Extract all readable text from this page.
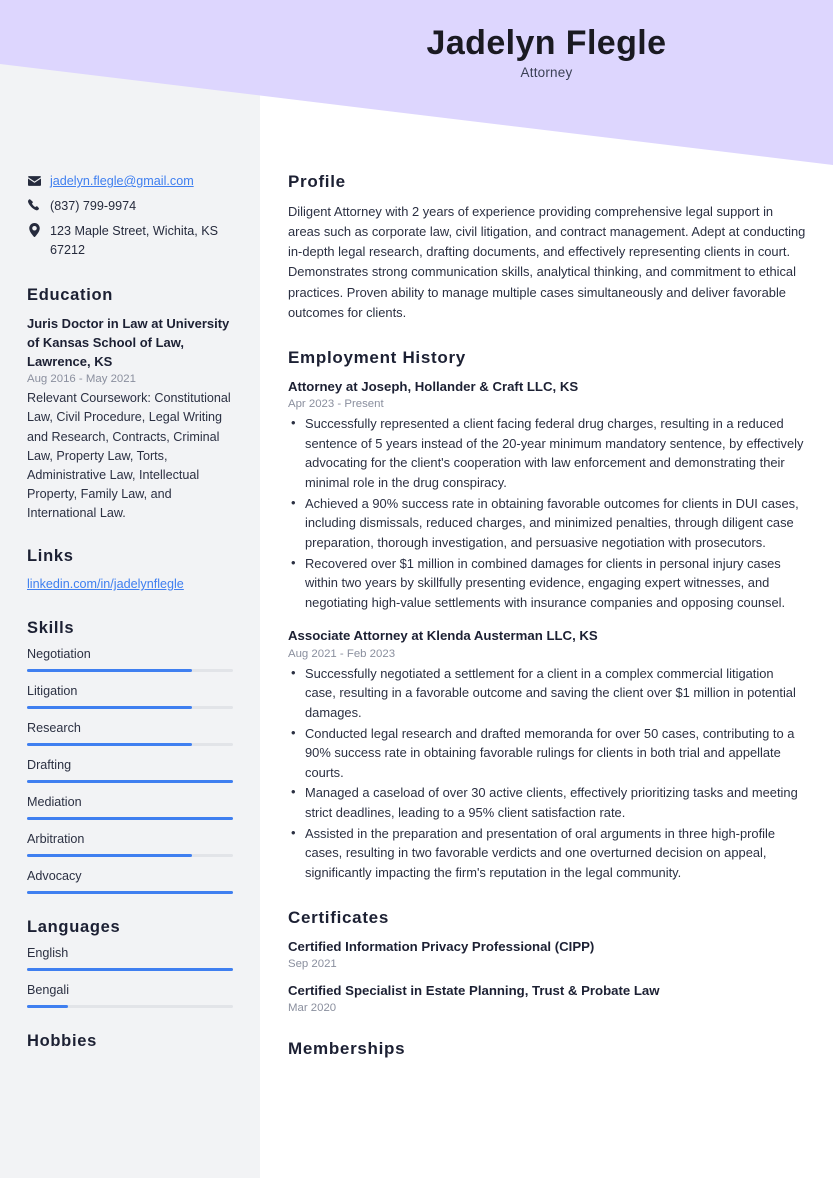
Jadelyn Flegle
Attorney
jadelyn.flegle@gmail.com
(837) 799-9974
123 Maple Street, Wichita, KS 67212
Education
Juris Doctor in Law at University of Kansas School of Law, Lawrence, KS
Aug 2016 - May 2021
Relevant Coursework: Constitutional Law, Civil Procedure, Legal Writing and Research, Contracts, Criminal Law, Property Law, Torts, Administrative Law, Intellectual Property, Family Law, and International Law.
Links
linkedin.com/in/jadelynflegle
Skills
Negotiation
Litigation
Research
Drafting
Mediation
Arbitration
Advocacy
Languages
English
Bengali
Hobbies
Profile
Diligent Attorney with 2 years of experience providing comprehensive legal support in areas such as corporate law, civil litigation, and contract management. Adept at conducting in-depth legal research, drafting documents, and effectively representing clients in court. Demonstrates strong communication skills, analytical thinking, and commitment to ethical practices. Proven ability to manage multiple cases simultaneously and deliver favorable outcomes for clients.
Employment History
Attorney at Joseph, Hollander & Craft LLC, KS
Apr 2023 - Present
• Successfully represented a client facing federal drug charges, resulting in a reduced sentence of 5 years instead of the 20-year minimum mandatory sentence, by effectively advocating for the client's cooperation with law enforcement and demonstrating their minimal role in the drug conspiracy.
• Achieved a 90% success rate in obtaining favorable outcomes for clients in DUI cases, including dismissals, reduced charges, and minimized penalties, through diligent case preparation, thorough investigation, and persuasive negotiation with prosecutors.
• Recovered over $1 million in combined damages for clients in personal injury cases within two years by skillfully presenting evidence, engaging expert witnesses, and negotiating high-value settlements with insurance companies and opposing counsel.
Associate Attorney at Klenda Austerman LLC, KS
Aug 2021 - Feb 2023
• Successfully negotiated a settlement for a client in a complex commercial litigation case, resulting in a favorable outcome and saving the client over $1 million in potential damages.
• Conducted legal research and drafted memoranda for over 50 cases, contributing to a 90% success rate in obtaining favorable rulings for clients in both trial and appellate courts.
• Managed a caseload of over 30 active clients, effectively prioritizing tasks and meeting strict deadlines, leading to a 95% client satisfaction rate.
• Assisted in the preparation and presentation of oral arguments in three high-profile cases, resulting in two favorable verdicts and one overturned decision on appeal, significantly impacting the firm's reputation in the legal community.
Certificates
Certified Information Privacy Professional (CIPP)
Sep 2021
Certified Specialist in Estate Planning, Trust & Probate Law
Mar 2020
Memberships
